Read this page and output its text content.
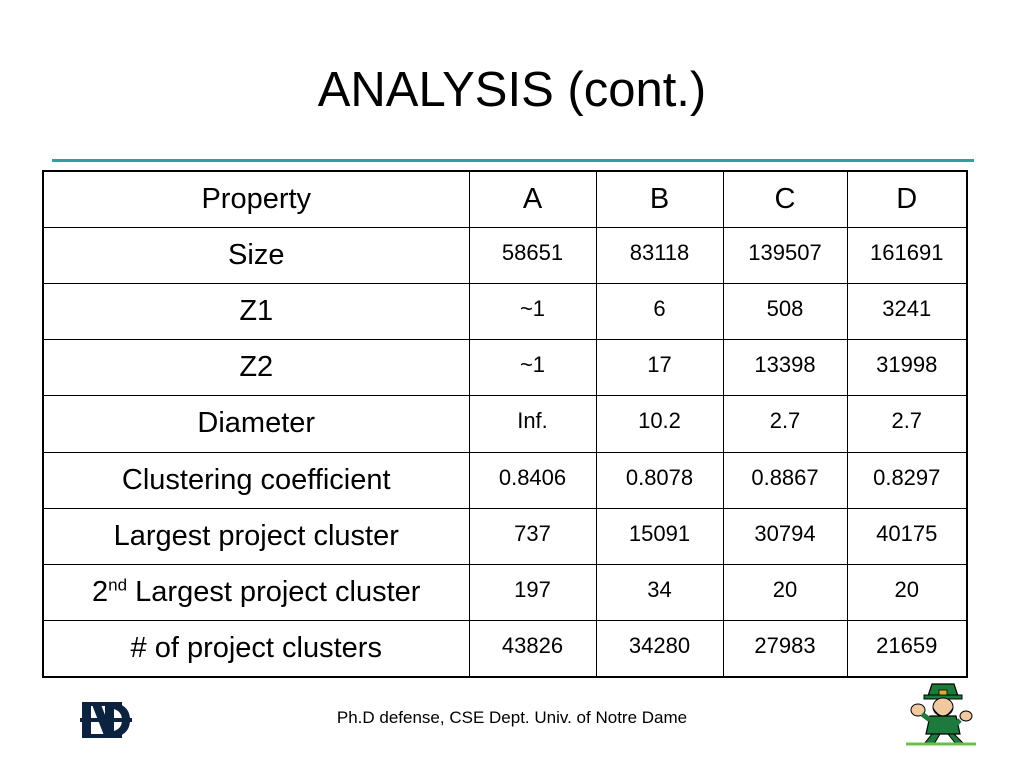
ANALYSIS (cont.)
Property	A	B	C	D
Size	58651	83118	139507	161691
Z1	~1	6	508	3241
Z2	~1	17	13398	31998
Diameter	Inf.	10.2	2.7	2.7
Clustering coefficient	0.8406	0.8078	0.8867	0.8297
Largest project cluster	737	15091	30794	40175
2nd Largest project cluster	197	34	20	20
# of project clusters	43826	34280	27983	21659
Ph.D defense, CSE Dept. Univ. of Notre Dame
